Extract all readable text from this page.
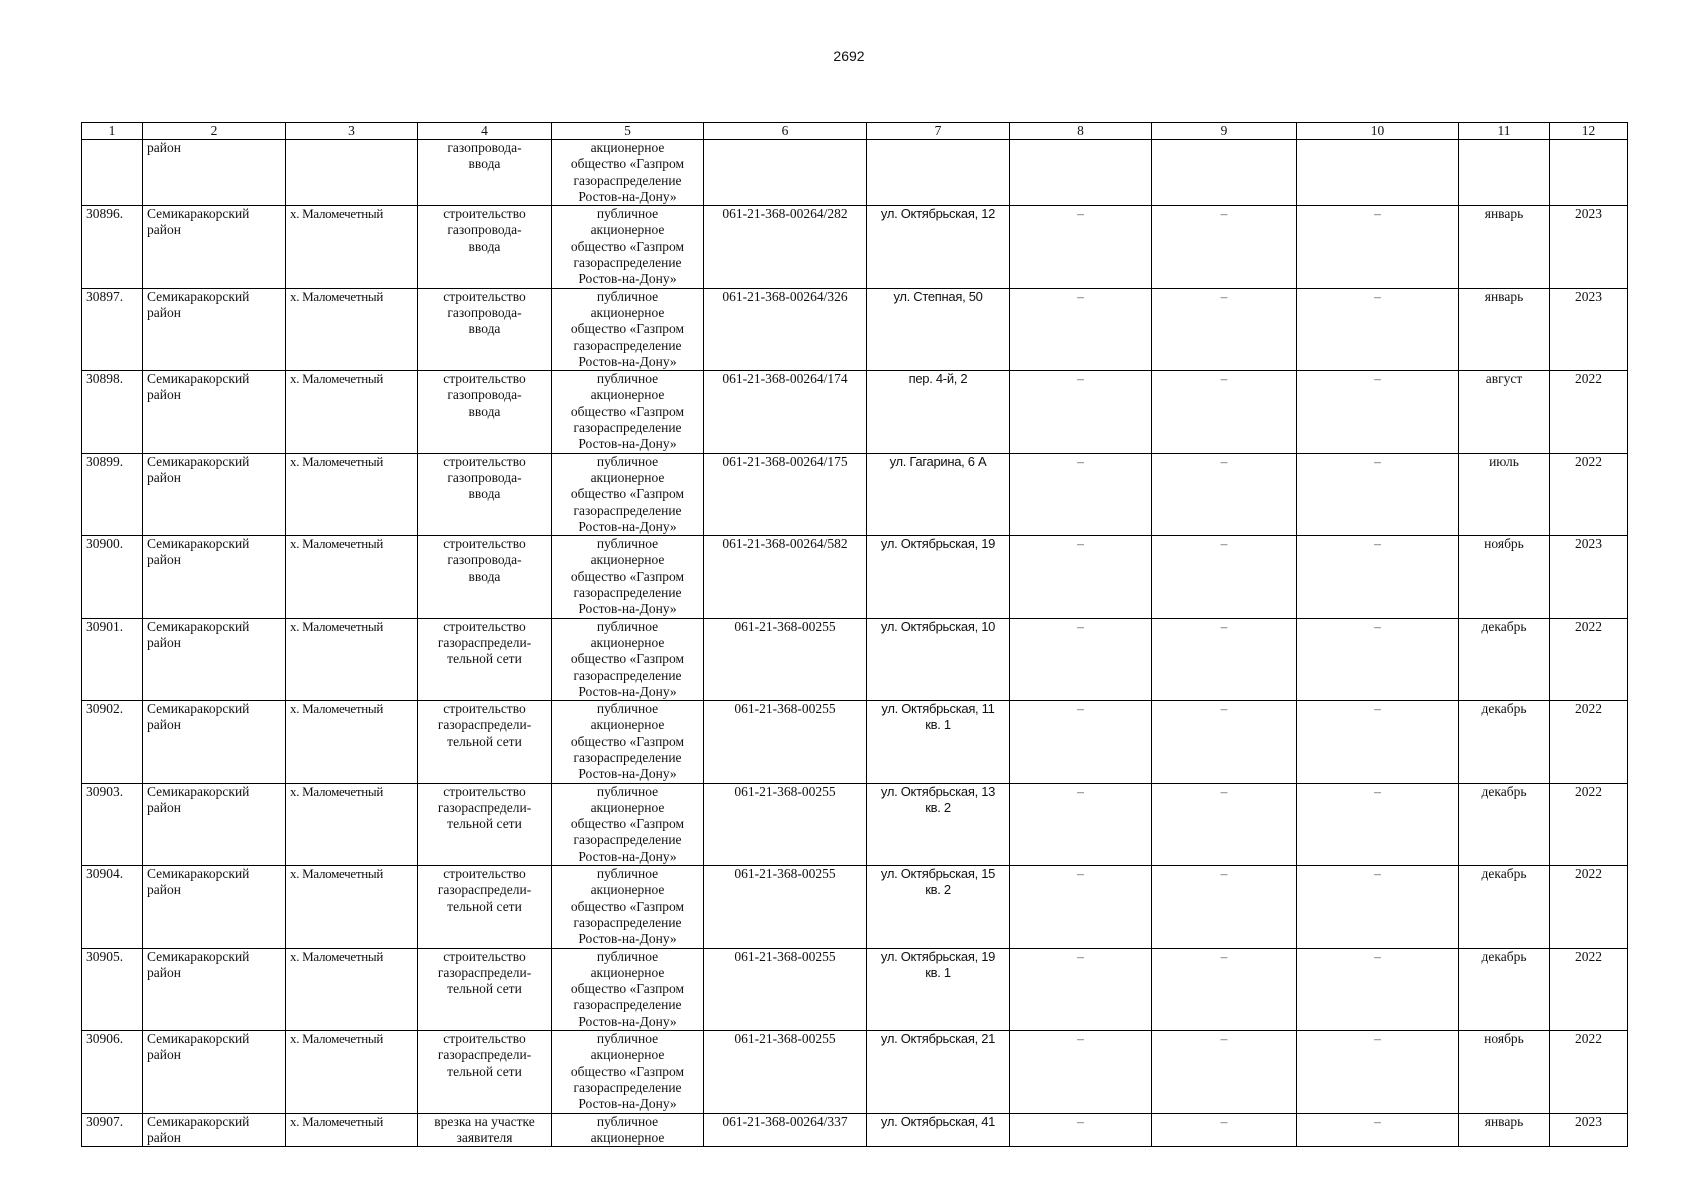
2692
1	2	3	4	5	6	7	8	9	10	11	12
	район		газопровода-
ввода	акционерное
общество «Газпром
газораспределение
Ростов-на-Дону»							
30896.	Семикаракорский
район	х. Маломечетный	строительство
газопровода-
ввода	публичное
акционерное
общество «Газпром
газораспределение
Ростов-на-Дону»	061-21-368-00264/282	ул. Октябрьская, 12	–	–	–	январь	2023
30897.	Семикаракорский
район	х. Маломечетный	строительство
газопровода-
ввода	публичное
акционерное
общество «Газпром
газораспределение
Ростов-на-Дону»	061-21-368-00264/326	ул. Степная, 50	–	–	–	январь	2023
30898.	Семикаракорский
район	х. Маломечетный	строительство
газопровода-
ввода	публичное
акционерное
общество «Газпром
газораспределение
Ростов-на-Дону»	061-21-368-00264/174	пер. 4-й, 2	–	–	–	август	2022
30899.	Семикаракорский
район	х. Маломечетный	строительство
газопровода-
ввода	публичное
акционерное
общество «Газпром
газораспределение
Ростов-на-Дону»	061-21-368-00264/175	ул. Гагарина, 6 А	–	–	–	июль	2022
30900.	Семикаракорский
район	х. Маломечетный	строительство
газопровода-
ввода	публичное
акционерное
общество «Газпром
газораспределение
Ростов-на-Дону»	061-21-368-00264/582	ул. Октябрьская, 19	–	–	–	ноябрь	2023
30901.	Семикаракорский
район	х. Маломечетный	строительство
газораспредели-
тельной сети	публичное
акционерное
общество «Газпром
газораспределение
Ростов-на-Дону»	061-21-368-00255	ул. Октябрьская, 10	–	–	–	декабрь	2022
30902.	Семикаракорский
район	х. Маломечетный	строительство
газораспредели-
тельной сети	публичное
акционерное
общество «Газпром
газораспределение
Ростов-на-Дону»	061-21-368-00255	ул. Октябрьская, 11
кв. 1	–	–	–	декабрь	2022
30903.	Семикаракорский
район	х. Маломечетный	строительство
газораспредели-
тельной сети	публичное
акционерное
общество «Газпром
газораспределение
Ростов-на-Дону»	061-21-368-00255	ул. Октябрьская, 13
кв. 2	–	–	–	декабрь	2022
30904.	Семикаракорский
район	х. Маломечетный	строительство
газораспредели-
тельной сети	публичное
акционерное
общество «Газпром
газораспределение
Ростов-на-Дону»	061-21-368-00255	ул. Октябрьская, 15
кв. 2	–	–	–	декабрь	2022
30905.	Семикаракорский
район	х. Маломечетный	строительство
газораспредели-
тельной сети	публичное
акционерное
общество «Газпром
газораспределение
Ростов-на-Дону»	061-21-368-00255	ул. Октябрьская, 19
кв. 1	–	–	–	декабрь	2022
30906.	Семикаракорский
район	х. Маломечетный	строительство
газораспредели-
тельной сети	публичное
акционерное
общество «Газпром
газораспределение
Ростов-на-Дону»	061-21-368-00255	ул. Октябрьская, 21	–	–	–	ноябрь	2022
30907.	Семикаракорский
район	х. Маломечетный	врезка на участке
заявителя	публичное
акционерное	061-21-368-00264/337	ул. Октябрьская, 41	–	–	–	январь	2023
